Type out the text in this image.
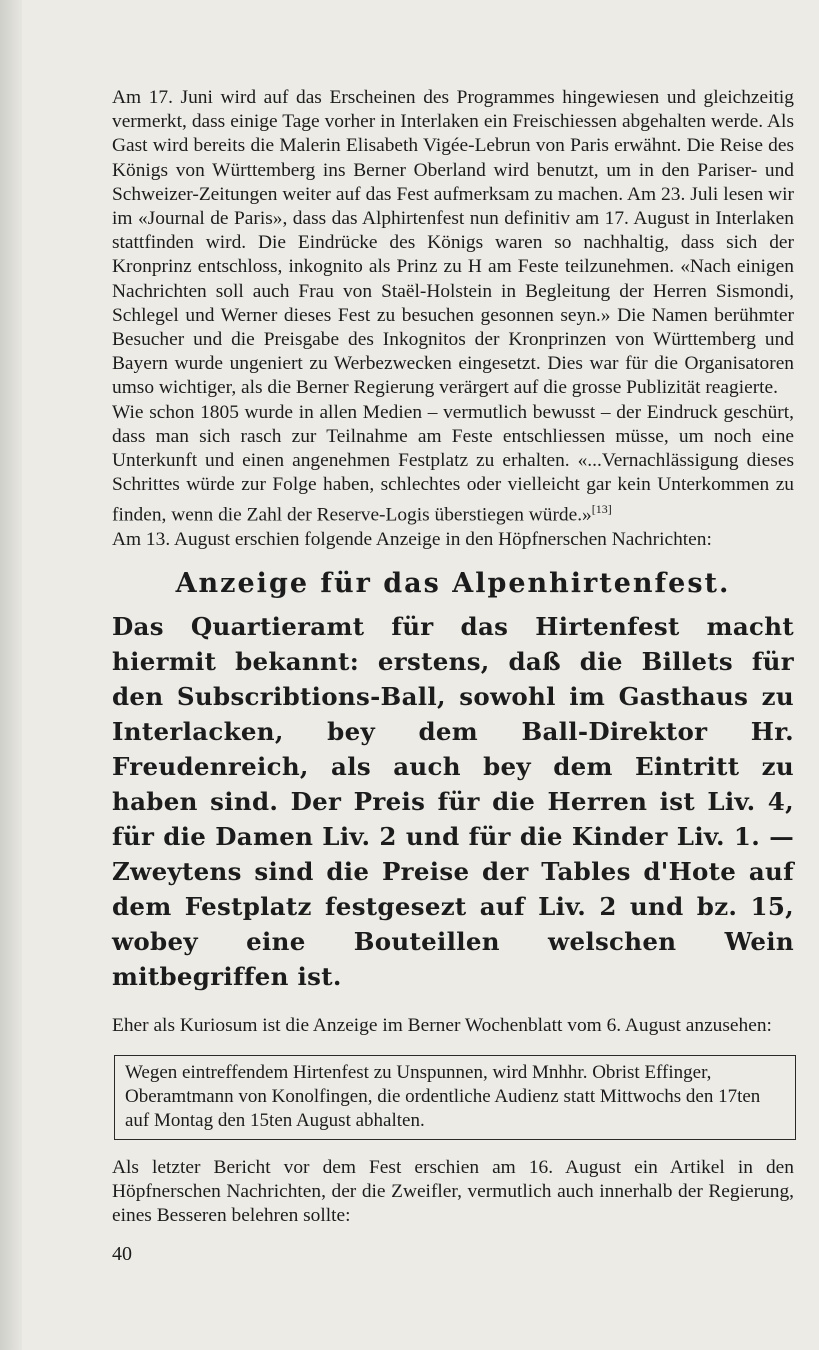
Am 17. Juni wird auf das Erscheinen des Programmes hingewiesen und gleichzeitig vermerkt, dass einige Tage vorher in Interlaken ein Freischiessen abgehalten werde. Als Gast wird bereits die Malerin Elisabeth Vigée-Lebrun von Paris erwähnt. Die Reise des Königs von Württemberg ins Berner Oberland wird benutzt, um in den Pariser- und Schweizer-Zeitungen weiter auf das Fest aufmerksam zu machen. Am 23. Juli lesen wir im «Journal de Paris», dass das Alphirtenfest nun definitiv am 17. August in Interlaken stattfinden wird. Die Eindrücke des Königs waren so nachhaltig, dass sich der Kronprinz entschloss, inkognito als Prinz zu H am Feste teilzunehmen. «Nach einigen Nachrichten soll auch Frau von Staël-Holstein in Begleitung der Herren Sismondi, Schlegel und Werner dieses Fest zu besuchen gesonnen seyn.» Die Namen berühmter Besucher und die Preisgabe des Inkognitos der Kronprinzen von Württemberg und Bayern wurde ungeniert zu Werbezwecken eingesetzt. Dies war für die Organisatoren umso wichtiger, als die Berner Regierung verärgert auf die grosse Publizität reagierte.

Wie schon 1805 wurde in allen Medien – vermutlich bewusst – der Eindruck geschürt, dass man sich rasch zur Teilnahme am Feste entschliessen müsse, um noch eine Unterkunft und einen angenehmen Festplatz zu erhalten. «...Vernachlässigung dieses Schrittes würde zur Folge haben, schlechtes oder vielleicht gar kein Unterkommen zu finden, wenn die Zahl der Reserve-Logis überstiegen würde.»[13]

Am 13. August erschien folgende Anzeige in den Höpfnerschen Nachrichten:

Anzeige für das Alpenhirtenfest.

Das Quartieramt für das Hirtenfest macht hiermit bekannt: erstens, daß die Billets für den Subscribtions-Ball, sowohl im Gasthaus zu Interlacken, bey dem Ball-Direktor Hr. Freudenreich, als auch bey dem Eintritt zu haben sind. Der Preis für die Herren ist Liv. 4, für die Damen Liv. 2 und für die Kinder Liv. 1. — Zweytens sind die Preise der Tables d'Hote auf dem Festplatz festgesezt auf Liv. 2 und bz. 15, wobey eine Bouteillen welschen Wein mitbegriffen ist.

Eher als Kuriosum ist die Anzeige im Berner Wochenblatt vom 6. August anzusehen:

Wegen eintreffendem Hirtenfest zu Unspunnen, wird Mnhhr. Obrist Effinger, Oberamtmann von Konolfingen, die ordentliche Audienz statt Mittwochs den 17ten auf Montag den 15ten August abhalten.

Als letzter Bericht vor dem Fest erschien am 16. August ein Artikel in den Höpfnerschen Nachrichten, der die Zweifler, vermutlich auch innerhalb der Regierung, eines Besseren belehren sollte:

40
